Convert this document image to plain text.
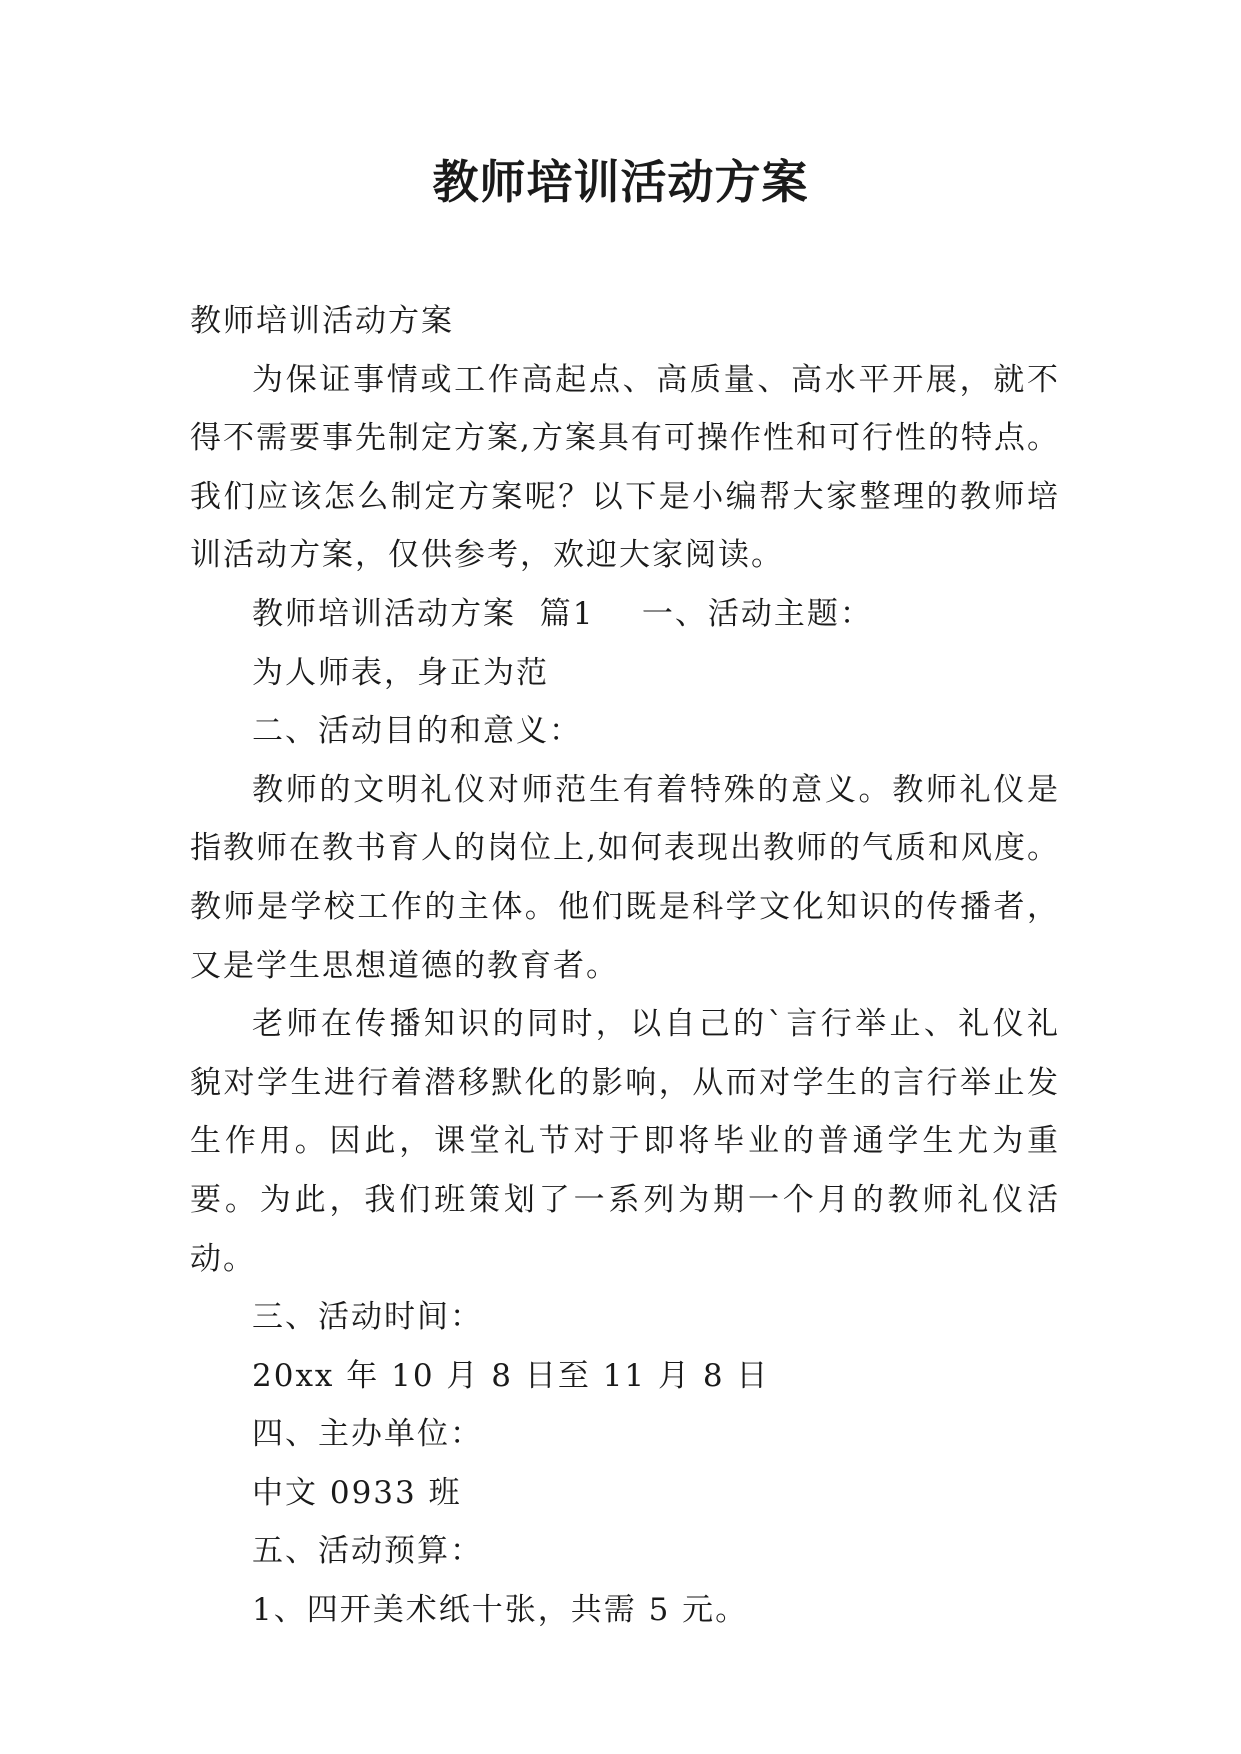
教师培训活动方案

教师培训活动方案

为保证事情或工作高起点、高质量、高水平开展，就不得不需要事先制定方案,方案具有可操作性和可行性的特点。我们应该怎么制定方案呢？以下是小编帮大家整理的教师培训活动方案，仅供参考，欢迎大家阅读。

教师培训活动方案  篇1    一、活动主题：

为人师表，身正为范

二、活动目的和意义：

教师的文明礼仪对师范生有着特殊的意义。教师礼仪是指教师在教书育人的岗位上,如何表现出教师的气质和风度。教师是学校工作的主体。他们既是科学文化知识的传播者，又是学生思想道德的教育者。

老师在传播知识的同时，以自己的`言行举止、礼仪礼貌对学生进行着潜移默化的影响，从而对学生的言行举止发生作用。因此，课堂礼节对于即将毕业的普通学生尤为重要。为此，我们班策划了一系列为期一个月的教师礼仪活动。

三、活动时间：

20xx 年 10 月 8 日至 11 月 8 日

四、主办单位：

中文 0933 班

五、活动预算：

1、四开美术纸十张，共需 5 元。
